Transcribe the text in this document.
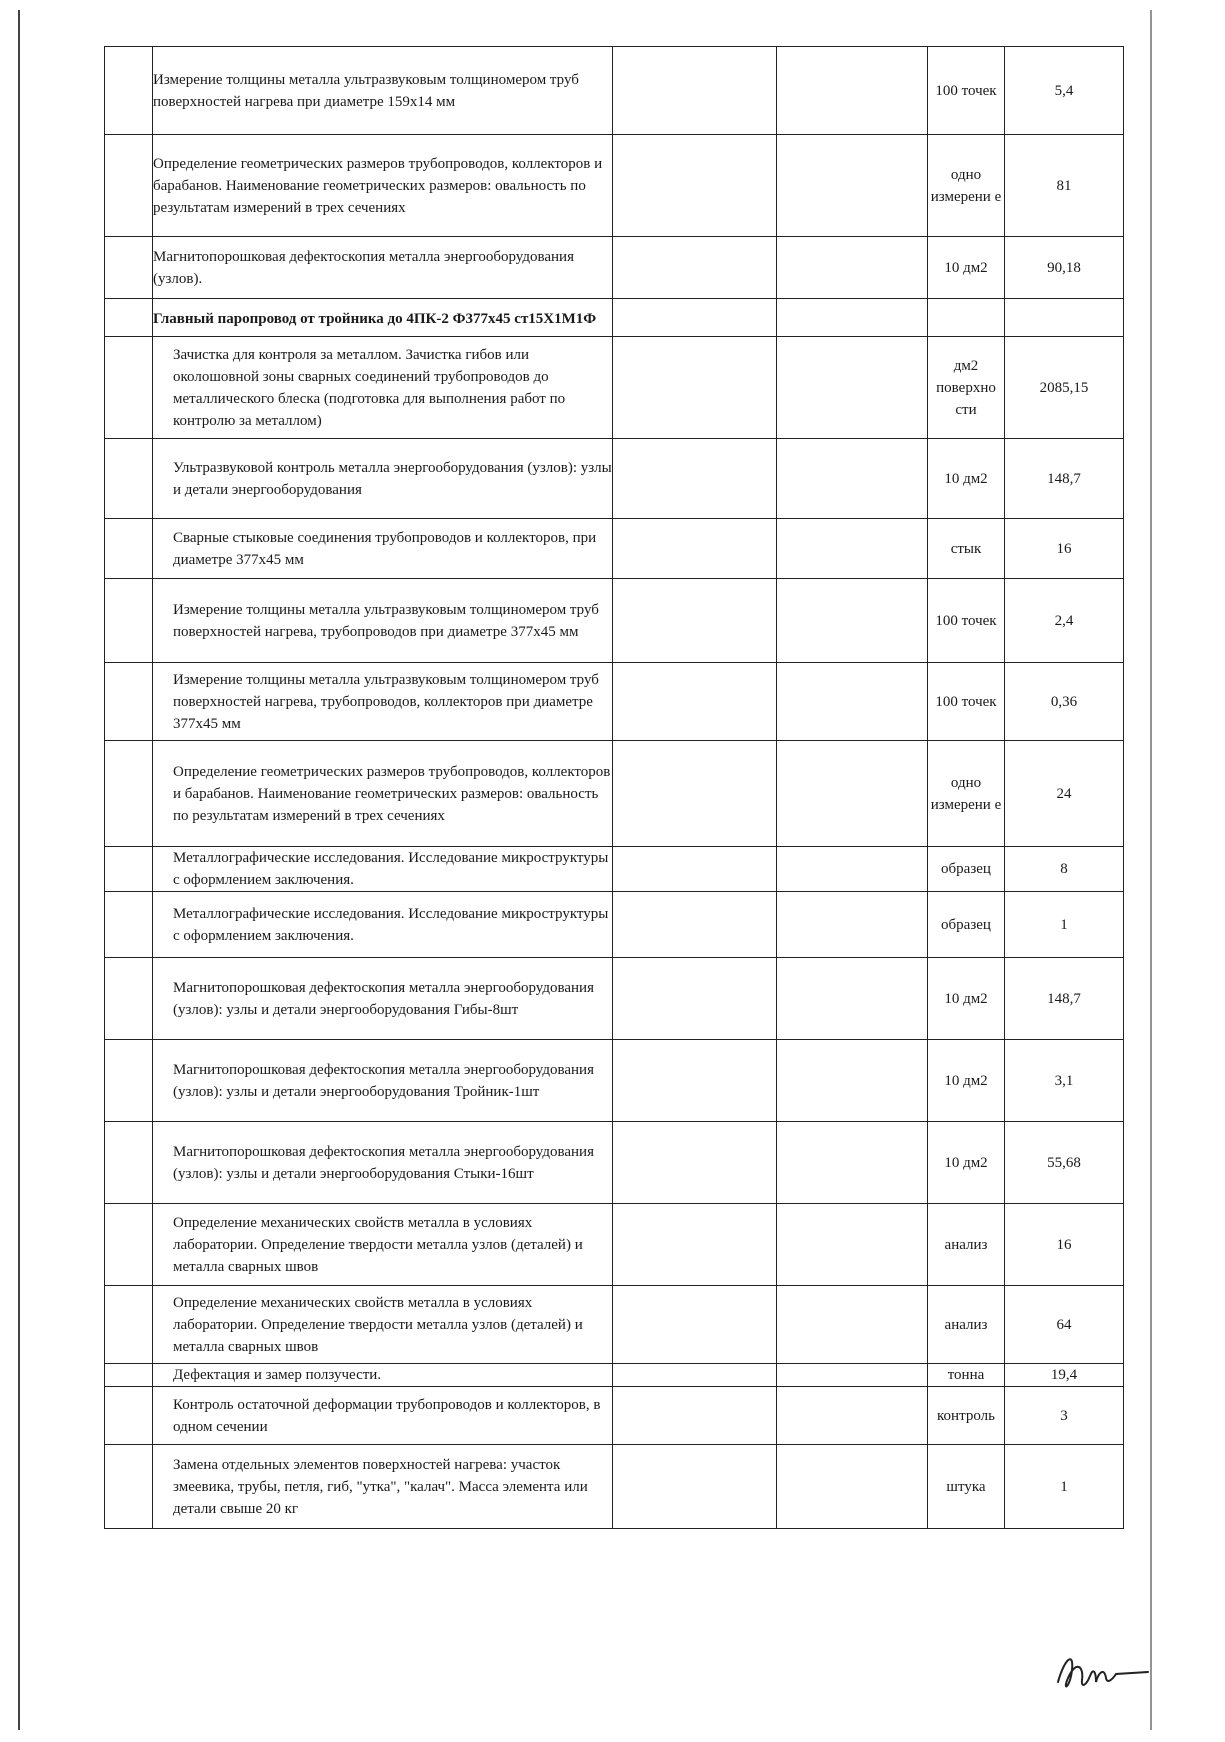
	Измерение толщины металла ультразвуковым толщиномером труб поверхностей нагрева при диаметре 159х14 мм			100 точек	5,4
	Определение геометрических размеров трубопроводов, коллекторов и барабанов. Наименование геометрических размеров: овальность по результатам измерений в трех сечениях			одно измерени е	81
	Магнитопорошковая дефектоскопия металла энергооборудования (узлов).			10 дм2	90,18
	Главный паропровод от тройника до 4ПК-2 Ф377х45 ст15Х1М1Ф				
	Зачистка для контроля за металлом. Зачистка гибов или околошовной зоны сварных соединений трубопроводов до металлического блеска (подготовка для выполнения работ по контролю за металлом)			дм2 поверхно сти	2085,15
	Ультразвуковой контроль металла энергооборудования (узлов): узлы и детали энергооборудования			10 дм2	148,7
	Сварные стыковые соединения трубопроводов и коллекторов, при диаметре 377х45 мм			стык	16
	Измерение толщины металла ультразвуковым толщиномером труб поверхностей нагрева, трубопроводов при диаметре 377х45 мм			100 точек	2,4
	Измерение толщины металла ультразвуковым толщиномером труб поверхностей нагрева, трубопроводов, коллекторов при диаметре 377х45 мм			100 точек	0,36
	Определение геометрических размеров трубопроводов, коллекторов и барабанов. Наименование геометрических размеров: овальность по результатам измерений в трех сечениях			одно измерени е	24
	Металлографические исследования. Исследование микроструктуры с оформлением заключения.			образец	8
	Металлографические исследования. Исследование микроструктуры с оформлением заключения.			образец	1
	Магнитопорошковая дефектоскопия металла энергооборудования (узлов): узлы и детали энергооборудования Гибы-8шт			10 дм2	148,7
	Магнитопорошковая дефектоскопия металла энергооборудования (узлов): узлы и детали энергооборудования Тройник-1шт			10 дм2	3,1
	Магнитопорошковая дефектоскопия металла энергооборудования (узлов): узлы и детали энергооборудования Стыки-16шт			10 дм2	55,68
	Определение механических свойств металла в условиях лаборатории. Определение твердости металла узлов (деталей) и металла сварных швов			анализ	16
	Определение механических свойств металла в условиях лаборатории. Определение твердости металла узлов (деталей) и металла сварных швов			анализ	64
	Дефектация и замер ползучести.			тонна	19,4
	Контроль остаточной деформации трубопроводов и коллекторов, в одном сечении			контроль	3
	Замена отдельных элементов поверхностей нагрева: участок змеевика, трубы, петля, гиб, "утка", "калач". Масса элемента или детали свыше 20 кг			штука	1
